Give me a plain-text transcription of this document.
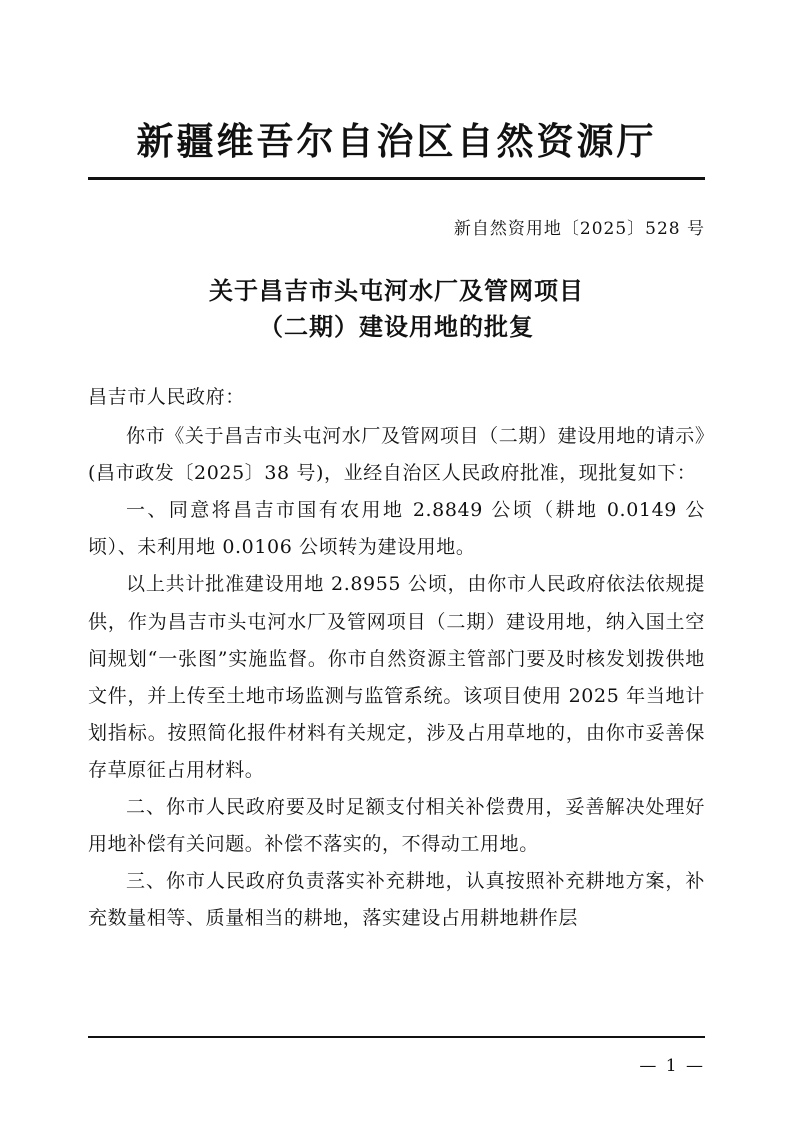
新疆维吾尔自治区自然资源厅
新自然资用地〔2025〕528 号
关于昌吉市头屯河水厂及管网项目
（二期）建设用地的批复

昌吉市人民政府：

你市《关于昌吉市头屯河水厂及管网项目（二期）建设用地的请示》(昌市政发〔2025〕38 号)，业经自治区人民政府批准，现批复如下：

一、同意将昌吉市国有农用地 2.8849 公顷（耕地 0.0149 公顷）、未利用地 0.0106 公顷转为建设用地。

以上共计批准建设用地 2.8955 公顷，由你市人民政府依法依规提供，作为昌吉市头屯河水厂及管网项目（二期）建设用地，纳入国土空间规划“一张图”实施监督。你市自然资源主管部门要及时核发划拨供地文件，并上传至土地市场监测与监管系统。该项目使用 2025 年当地计划指标。按照简化报件材料有关规定，涉及占用草地的，由你市妥善保存草原征占用材料。

二、你市人民政府要及时足额支付相关补偿费用，妥善解决处理好用地补偿有关问题。补偿不落实的，不得动工用地。

三、你市人民政府负责落实补充耕地，认真按照补充耕地方案，补充数量相等、质量相当的耕地，落实建设占用耕地耕作层

— 1 —
